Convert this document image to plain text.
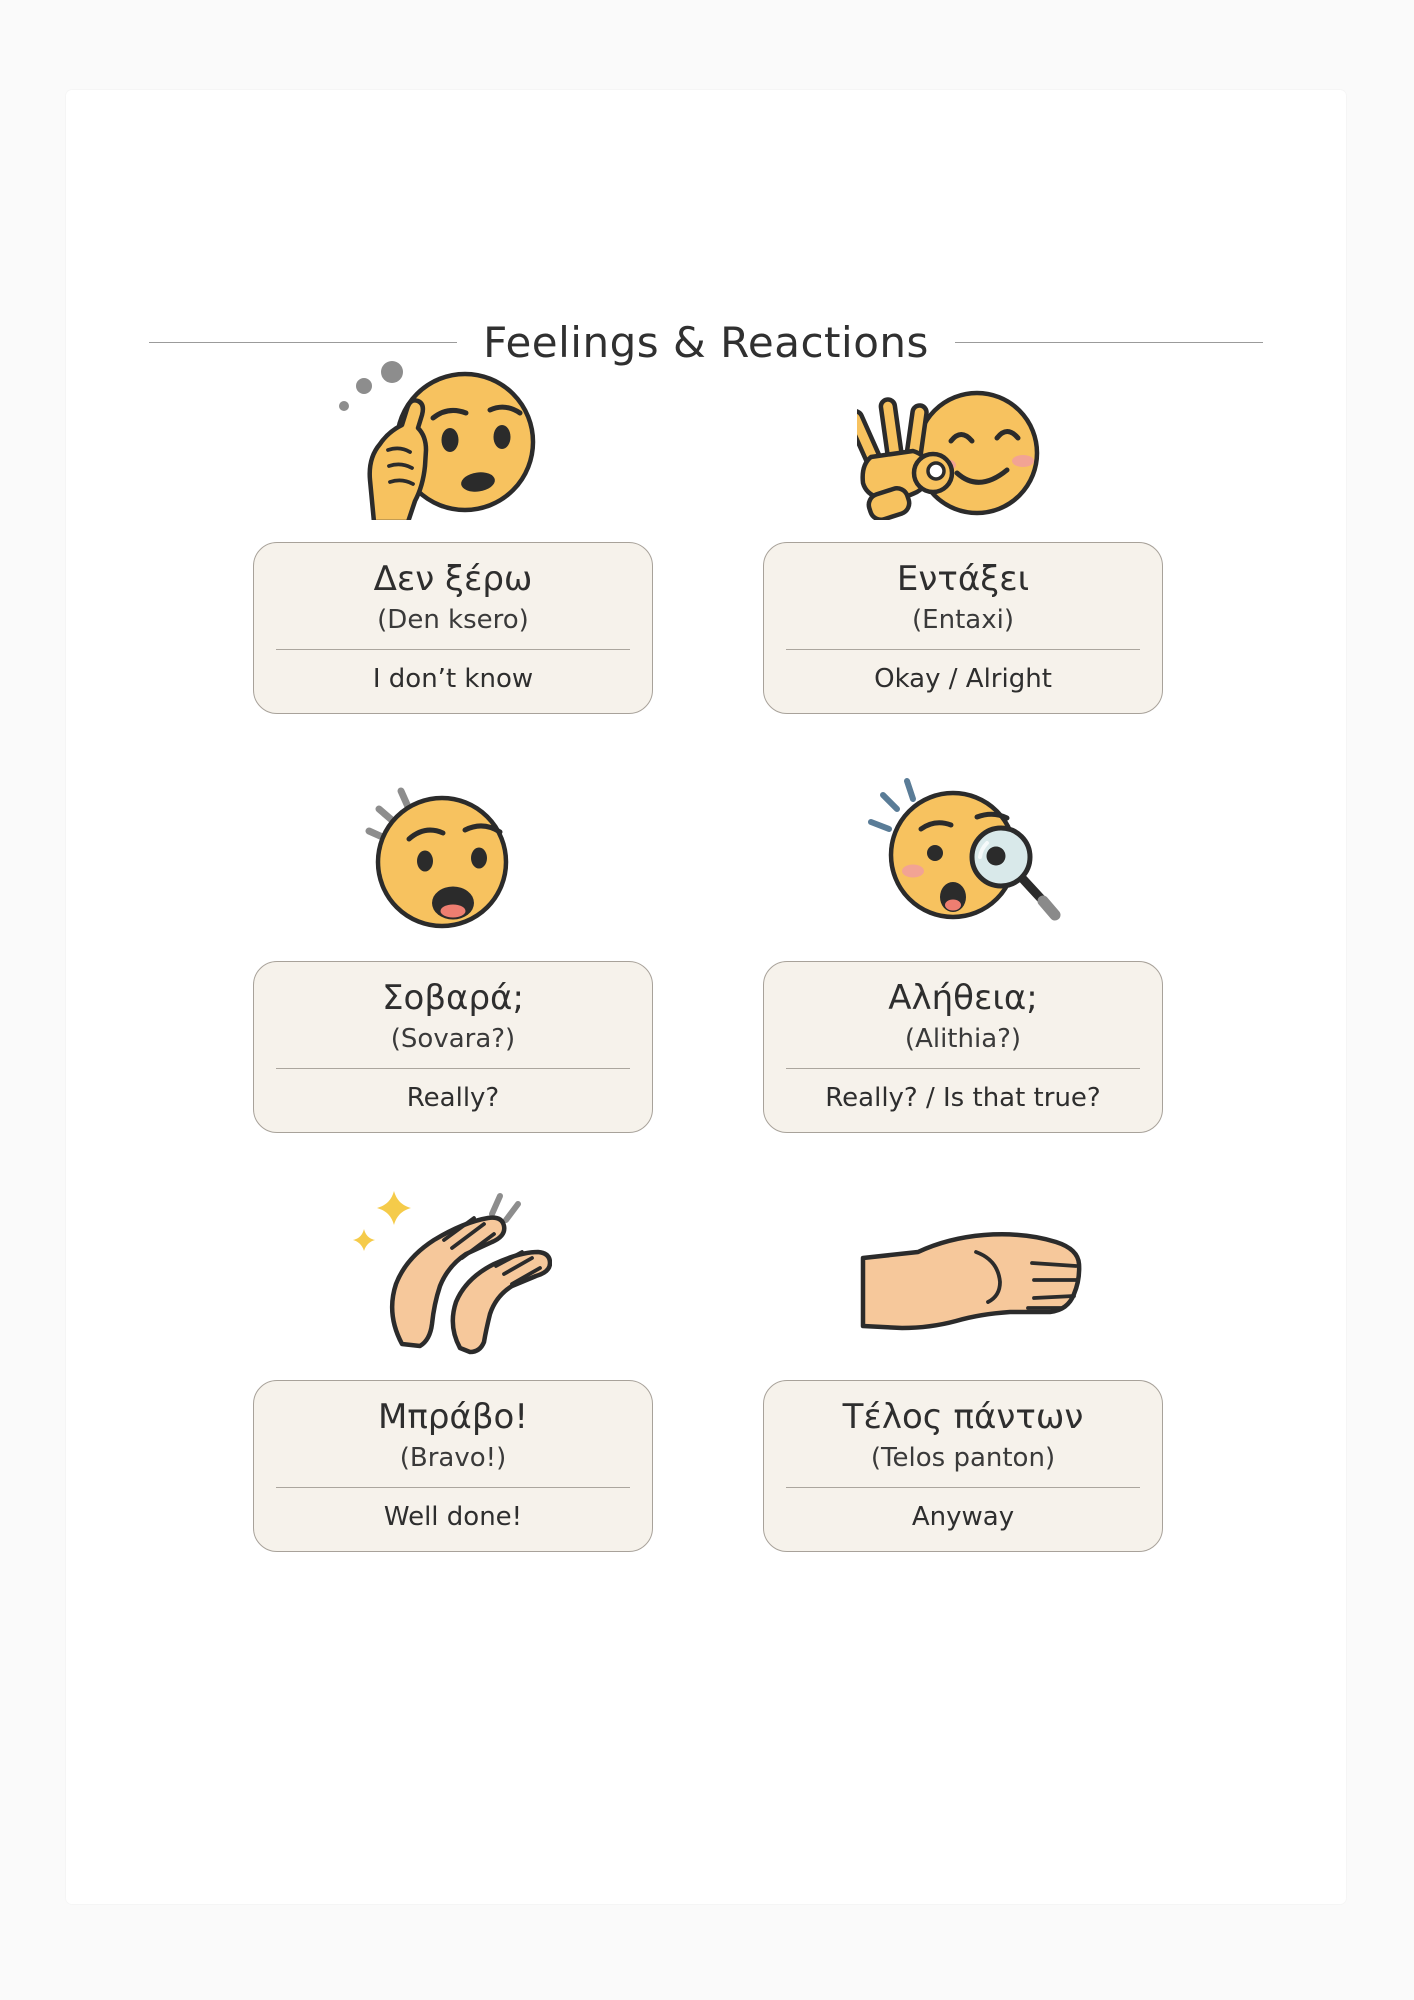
Feelings & Reactions
Δεν ξέρω
(Den ksero)
I don’t know
Εντάξει
(Entaxi)
Okay / Alright
Σοβαρά;
(Sovara?)
Really?
Αλήθεια;
(Alithia?)
Really? / Is that true?
Μπράβο!
(Bravo!)
Well done!
Τέλος πάντων
(Telos panton)
Anyway
